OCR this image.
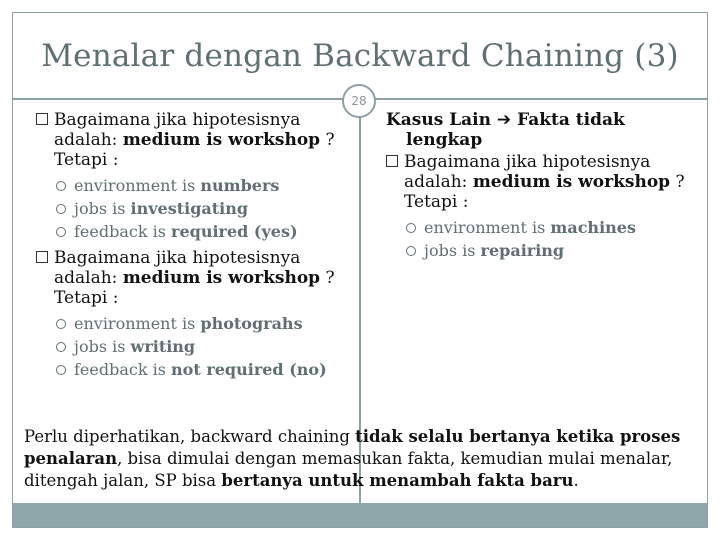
Menalar dengan Backward Chaining (3)
28

Bagaimana jika hipotesisnya adalah: medium is workshop ? Tetapi :

environment is numbers
jobs is investigating
feedback is required (yes)

Bagaimana jika hipotesisnya adalah: medium is workshop ? Tetapi :

environment is photograhs
jobs is writing
feedback is not required (no)

Kasus Lain ➔ Fakta tidak
lengkap

Bagaimana jika hipotesisnya adalah: medium is workshop ? Tetapi :

environment is machines
jobs is repairing
Perlu diperhatikan, backward chaining tidak selalu bertanya ketika proses penalaran, bisa dimulai dengan memasukan fakta, kemudian mulai menalar, ditengah jalan, SP bisa bertanya untuk menambah fakta baru.
